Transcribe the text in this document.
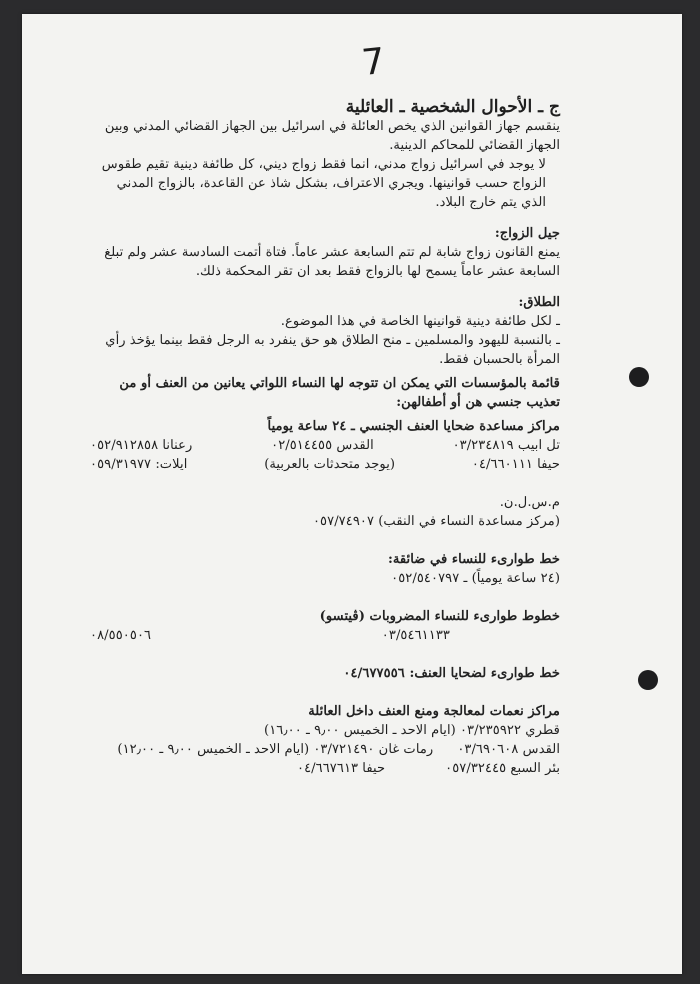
7

ج ـ الأحوال الشخصية ـ العائلية

ينقسم جهاز القوانين الذي يخص العائلة في اسرائيل بين الجهاز القضائي المدني وبين الجهاز القضائي للمحاكم الدينية.

لا يوجد في اسرائيل زواج مدني، انما فقط زواج ديني، كل طائفة دينية تقيم طقوس الزواج حسب قوانينها. ويجري الاعتراف، بشكل شاذ عن القاعدة، بالزواج المدني الذي يتم خارج البلاد.

جيل الزواج:

يمنع القانون زواج شابة لم تتم السابعة عشر عاماً. فتاة أتمت السادسة عشر ولم تبلغ السابعة عشر عاماً يسمح لها بالزواج فقط بعد ان تقر المحكمة ذلك.

الطلاق:

ـ لكل طائفة دينية قوانينها الخاصة في هذا الموضوع.

ـ بالنسبة لليهود والمسلمين ـ منح الطلاق هو حق ينفرد به الرجل فقط بينما يؤخذ رأي المرأة بالحسبان فقط.

قائمة بالمؤسسات التي يمكن ان تتوجه لها النساء اللواتي يعانين من العنف أو من تعذيب جنسي هن أو أطفالهن:

مراكز مساعدة ضحايا العنف الجنسي ـ ٢٤ ساعة يومياً

تل ابيب ٠٣/٢٣٤٨١٩
القدس ٠٢/٥١٤٤٥٥
رعنانا ٠٥٢/٩١٢٨٥٨
حيفا ٠٤/٦٦٠١١١
(يوجد متحدثات بالعربية)
ايلات: ٠٥٩/٣١٩٧٧

م.س.ل.ن.

(مركز مساعدة النساء في النقب) ٠٥٧/٧٤٩٠٧

خط طوارىء للنساء في ضائقة:

(٢٤ ساعة يومياً) ـ ٠٥٢/٥٤٠٧٩٧

خطوط طوارىء للنساء المضروبات (ڤيتسو)

٠٣/٥٤٦١١٣٣
٠٨/٥٥٠٥٠٦

خط طوارىء لضحايا العنف: ٠٤/٦٧٧٥٥٦

مراكز نعمات لمعالجة ومنع العنف داخل العائلة

قطري ٠٣/٢٣٥٩٢٢ (ايام الاحد ـ الخميس ٩٫٠٠ ـ ١٦٫٠٠)

القدس ٠٣/٦٩٠٦٠٨
رمات غان ٠٣/٧٢١٤٩٠ (ايام الاحد ـ الخميس ٩٫٠٠ ـ ١٢٫٠٠)
بئر السبع ٠٥٧/٣٢٤٤٥
حيفا ٠٤/٦٦٧٦١٣
